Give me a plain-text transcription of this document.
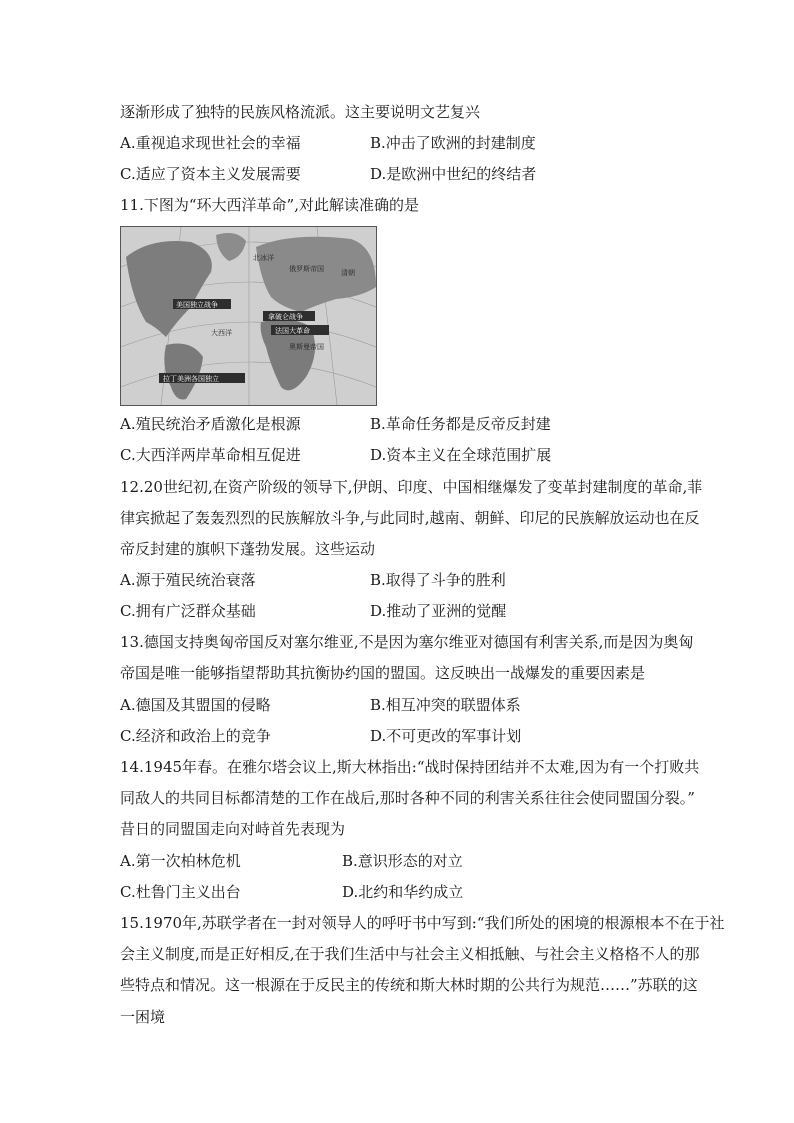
逐渐形成了独特的民族风格流派。这主要说明文艺复兴
A.重视追求现世社会的幸福	B.冲击了欧洲的封建制度
C.适应了资本主义发展需要	D.是欧洲中世纪的终结者
11.下图为“环大西洋革命”,对此解读准确的是
北冰洋
俄罗斯帝国 清朝
大西洋
奥斯曼帝国
美国独立战争
拿破仑战争
法国大革命
拉丁美洲各国独立
A.殖民统治矛盾激化是根源	B.革命任务都是反帝反封建
C.大西洋两岸革命相互促进	D.资本主义在全球范围扩展
12.20世纪初,在资产阶级的领导下,伊朗、印度、中国相继爆发了变革封建制度的革命,菲
律宾掀起了轰轰烈烈的民族解放斗争,与此同时,越南、朝鲜、印尼的民族解放运动也在反
帝反封建的旗帜下蓬勃发展。这些运动
A.源于殖民统治衰落	B.取得了斗争的胜利
C.拥有广泛群众基础	D.推动了亚洲的觉醒
13.德国支持奥匈帝国反对塞尔维亚,不是因为塞尔维亚对德国有利害关系,而是因为奥匈
帝国是唯一能够指望帮助其抗衡协约国的盟国。这反映出一战爆发的重要因素是
A.德国及其盟国的侵略	B.相互冲突的联盟体系
C.经济和政治上的竞争	D.不可更改的军事计划
14.1945年春。在雅尔塔会议上,斯大林指出:“战时保持团结并不太难,因为有一个打败共
同敌人的共同目标都清楚的工作在战后,那时各种不同的利害关系往往会使同盟国分裂。”
昔日的同盟国走向对峙首先表现为
A.第一次柏林危机	B.意识形态的对立
C.杜鲁门主义出台	D.北约和华约成立
15.1970年,苏联学者在一封对领导人的呼吁书中写到:“我们所处的困境的根源根本不在于社
会主义制度,而是正好相反,在于我们生活中与社会主义相抵触、与社会主义格格不人的那
些特点和情况。这一根源在于反民主的传统和斯大林时期的公共行为规范……”苏联的这
一困境
